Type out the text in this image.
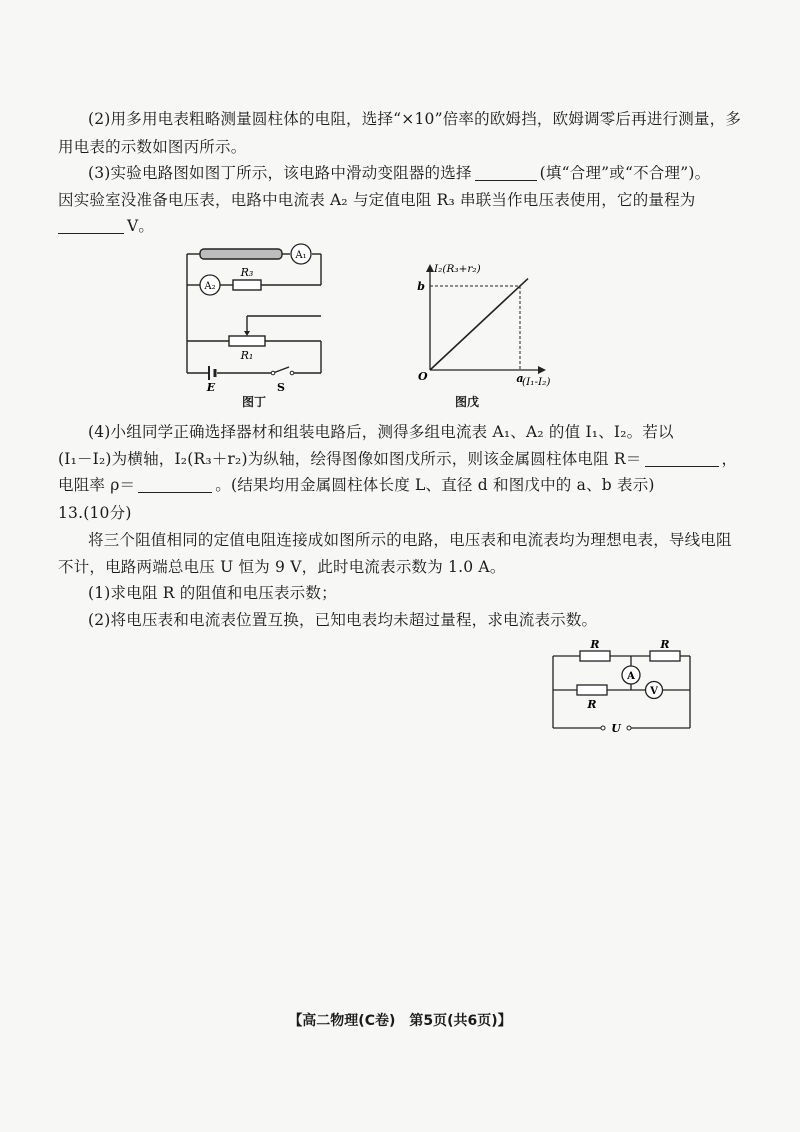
(2)用多用电表粗略测量圆柱体的电阻，选择“×10”倍率的欧姆挡，欧姆调零后再进行测量，多
用电表的示数如图丙所示。
(3)实验电路图如图丁所示，该电路中滑动变阻器的选择	(填“合理”或“不合理”)。
因实验室没准备电压表，电路中电流表 A₂ 与定值电阻 R₃ 串联当作电压表使用，它的量程为
V。
A₁
A₂
R₃
R₁
E	S
图丁
I₂(R₃+r₂)
(I₁-I₂)
O	a
b
图戊
(4)小组同学正确选择器材和组装电路后，测得多组电流表 A₁、A₂ 的值 I₁、I₂。若以
(I₁－I₂)为横轴，I₂(R₃＋r₂)为纵轴，绘得图像如图戊所示，则该金属圆柱体电阻 R＝	，
电阻率 ρ＝	。(结果均用金属圆柱体长度 L、直径 d 和图戊中的 a、b 表示)
13.(10分)
将三个阻值相同的定值电阻连接成如图所示的电路，电压表和电流表均为理想电表，导线电阻
不计，电路两端总电压 U 恒为 9 V，此时电流表示数为 1.0 A。
(1)求电阻 R 的阻值和电压表示数；
(2)将电压表和电流表位置互换，已知电表均未超过量程，求电流表示数。
R	R
R
A
V
U
【高二物理(C卷)　第5页(共6页)】
